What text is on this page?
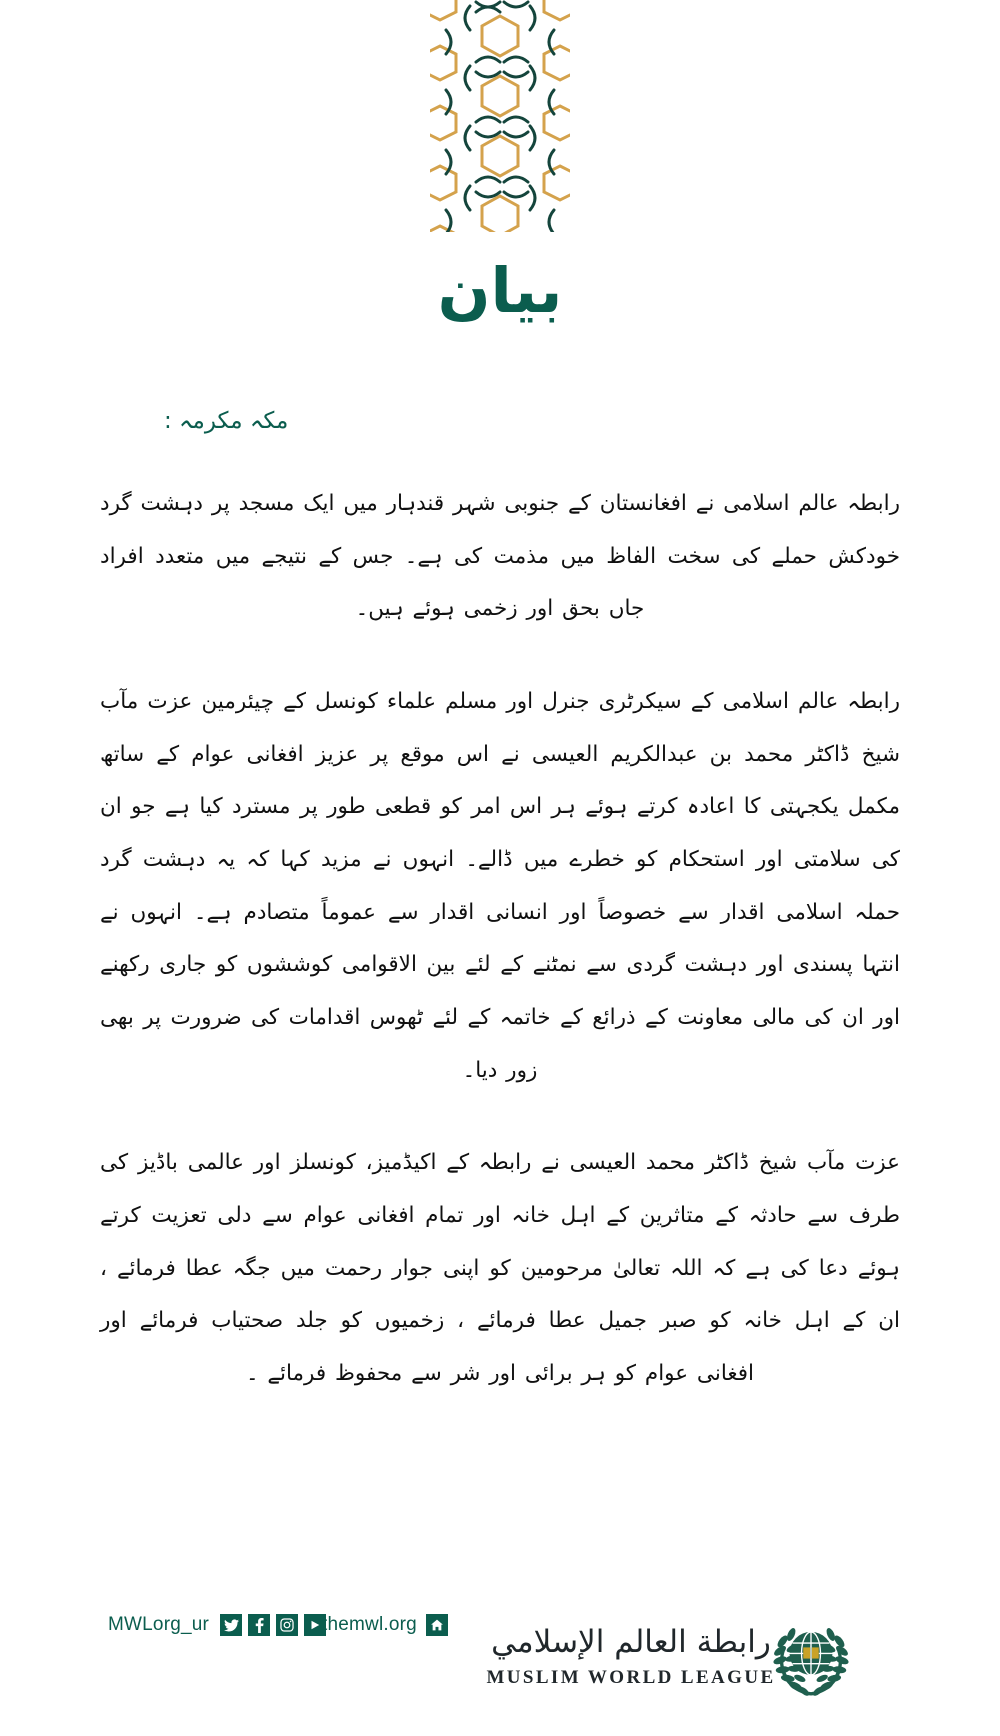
بیان
مکہ مکرمہ :

رابطہ عالم اسلامی نے افغانستان کے جنوبی شہر قندہار میں ایک مسجد پر دہشت گرد خودکش حملے کی سخت الفاظ میں مذمت کی ہے۔ جس کے نتیجے میں متعدد افراد جاں بحق اور زخمی ہوئے ہیں۔

رابطہ عالم اسلامی کے سیکرٹری جنرل اور مسلم علماء کونسل کے چیئرمین عزت مآب شیخ ڈاکٹر محمد بن عبدالکریم العیسی نے اس موقع پر عزیز افغانی عوام کے ساتھ مکمل یکجہتی کا اعادہ کرتے ہوئے ہر اس امر کو قطعی طور پر مسترد کیا ہے جو ان کی سلامتی اور استحکام کو خطرے میں ڈالے۔ انہوں نے مزید کہا کہ یہ دہشت گرد حملہ اسلامی اقدار سے خصوصاً اور انسانی اقدار سے عموماً متصادم ہے۔ انہوں نے انتہا پسندی اور دہشت گردی سے نمٹنے کے لئے بین الاقوامی کوششوں کو جاری رکھنے اور ان کی مالی معاونت کے ذرائع کے خاتمہ کے لئے ٹھوس اقدامات کی ضرورت پر بھی زور دیا۔

عزت مآب شیخ ڈاکٹر محمد العیسی نے رابطہ کے اکیڈمیز، کونسلز اور عالمی باڈیز کی طرف سے حادثہ کے متاثرین کے اہل خانہ اور تمام افغانی عوام سے دلی تعزیت کرتے ہوئے دعا کی ہے کہ اللہ تعالیٰ مرحومین کو اپنی جوار رحمت میں جگہ عطا فرمائے ، ان کے اہل خانہ کو صبر جمیل عطا فرمائے ، زخمیوں کو جلد صحتیاب فرمائے اور افغانی عوام کو ہر برائی اور شر سے محفوظ فرمائے ۔

MWLorg_ur	themwl.org رابطة العالم الإسلامي
MUSLIM WORLD LEAGUE
